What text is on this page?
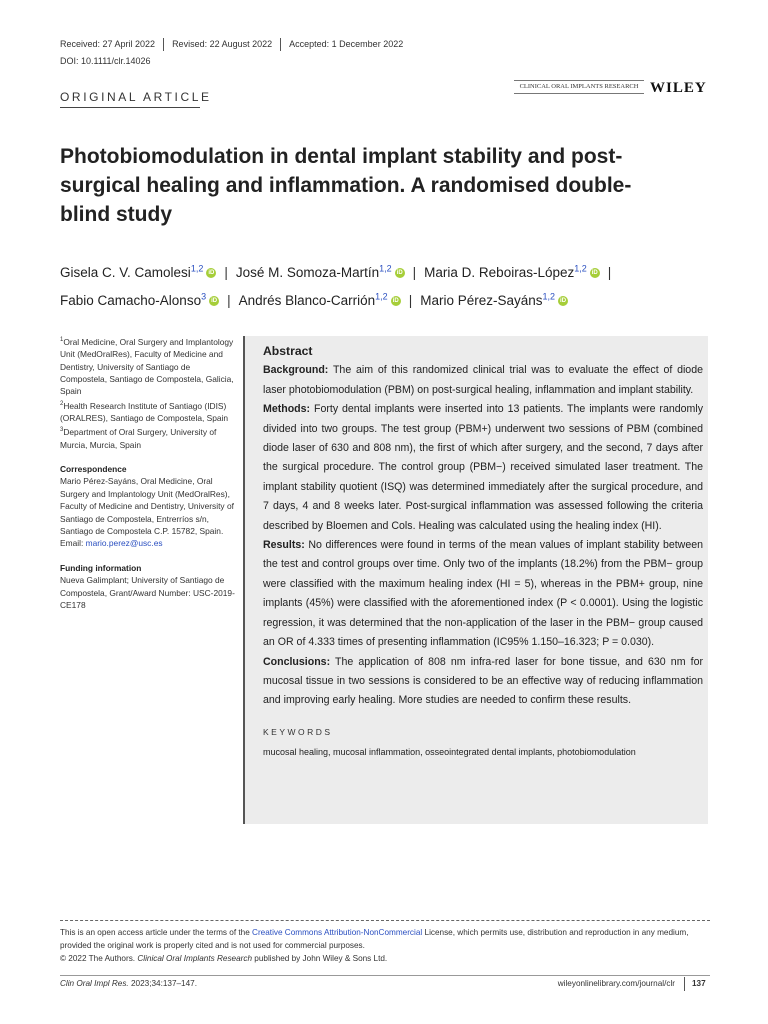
Received: 27 April 2022 Revised: 22 August 2022 Accepted: 1 December 2022
DOI: 10.1111/clr.14026
ORIGINAL ARTICLE
CLINICAL ORAL IMPLANTS RESEARCH WILEY
Photobiomodulation in dental implant stability and post-surgical healing and inflammation. A randomised double-blind study
Gisela C. V. Camolesi$^{1,2}$ iD | José M. Somoza-Martín$^{1,2}$ iD | Maria D. Reboiras-López$^{1,2}$ iD |
Fabio Camacho-Alonso$^3$ iD | Andrés Blanco-Carrión$^{1,2}$ iD | Mario Pérez-Sayáns$^{1,2}$ iD

$^1$Oral Medicine, Oral Surgery and Implantology Unit (MedOralRes), Faculty of Medicine and Dentistry, University of Santiago de Compostela, Santiago de Compostela, Galicia, Spain

$^2$Health Research Institute of Santiago (IDIS) (ORALRES), Santiago de Compostela, Spain

$^3$Department of Oral Surgery, University of Murcia, Murcia, Spain

Correspondence

Mario Pérez-Sayáns, Oral Medicine, Oral Surgery and Implantology Unit (MedOralRes), Faculty of Medicine and Dentistry, University of Santiago de Compostela, Entrerríos s/n, Santiago de Compostela C.P. 15782, Spain.
Email: mario.perez@usc.es

Funding information

Nueva Galimplant; University of Santiago de Compostela, Grant/Award Number: USC-2019-CE178

Abstract

Background: The aim of this randomized clinical trial was to evaluate the effect of diode laser photobiomodulation (PBM) on post-surgical healing, inflammation and implant stability.

Methods: Forty dental implants were inserted into 13 patients. The implants were randomly divided into two groups. The test group (PBM+) underwent two sessions of PBM (combined diode laser of 630 and 808 nm), the first of which after surgery, and the second, 7 days after the surgical procedure. The control group (PBM−) received simulated laser treatment. The implant stability quotient (ISQ) was determined immediately after the surgical procedure, and 7 days, 4 and 8 weeks later. Post-surgical inflammation was assessed following the criteria described by Bloemen and Cols. Healing was calculated using the healing index (HI).

Results: No differences were found in terms of the mean values of implant stability between the test and control groups over time. Only two of the implants (18.2%) from the PBM− group were classified with the maximum healing index (HI = 5), whereas in the PBM+ group, nine implants (45%) were classified with the aforementioned index (P < 0.0001). Using the logistic regression, it was determined that the non-application of the laser in the PBM− group caused an OR of 4.333 times of presenting inflammation (IC95% 1.150–16.323; P = 0.030).

Conclusions: The application of 808 nm infra-red laser for bone tissue, and 630 nm for mucosal tissue in two sessions is considered to be an effective way of reducing inflammation and improving early healing. More studies are needed to confirm these results.

KEYWORDS
mucosal healing, mucosal inflammation, osseointegrated dental implants, photobiomodulation
This is an open access article under the terms of the Creative Commons Attribution-NonCommercial License, which permits use, distribution and reproduction in any medium, provided the original work is properly cited and is not used for commercial purposes.
© 2022 The Authors. Clinical Oral Implants Research published by John Wiley & Sons Ltd.
Clin Oral Impl Res. 2023;34:137–147.	wileyonlinelibrary.com/journal/clr 137
